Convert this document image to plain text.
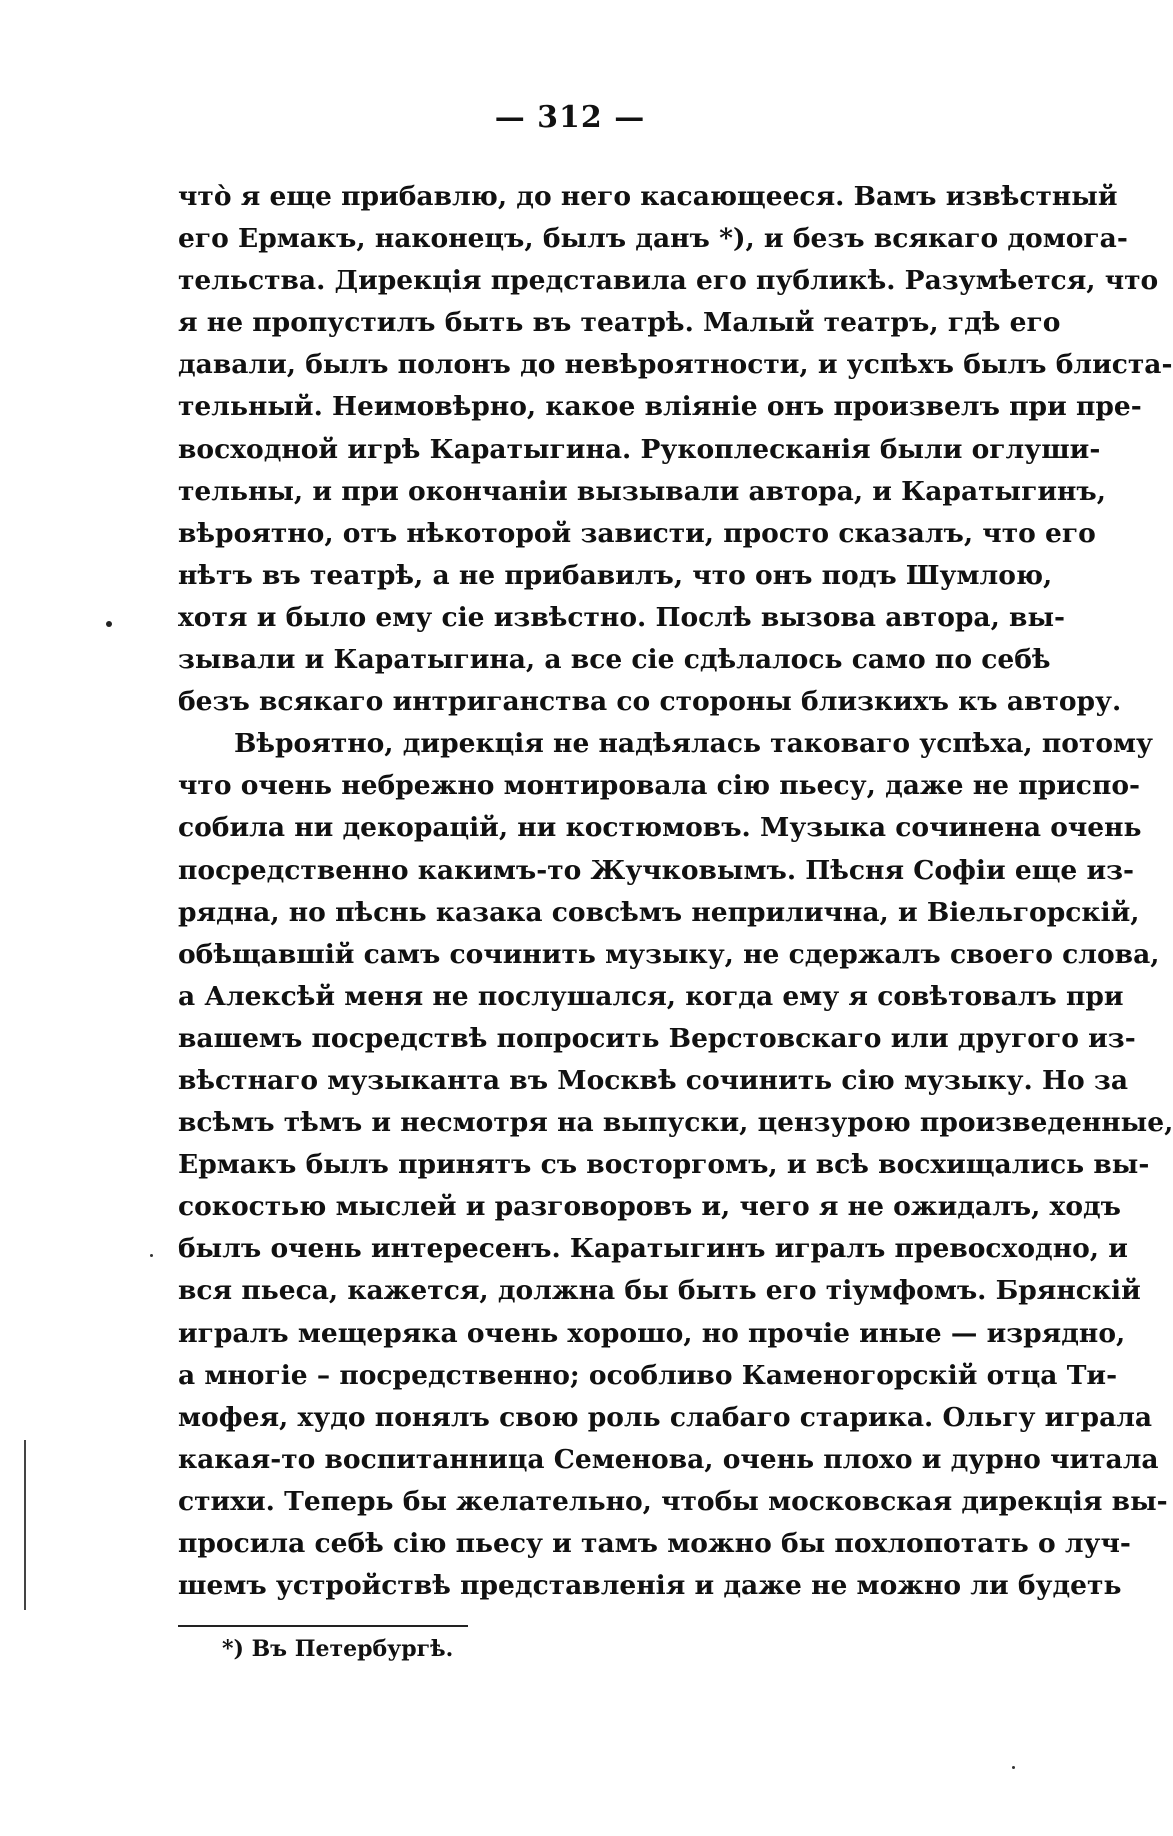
— 312 —
чтò я еще прибавлю, до него касающееся. Вамъ извѣстный
его Ермакъ, наконецъ, былъ данъ *), и безъ всякаго домога-
тельства. Дирекція представила его публикѣ. Разумѣется, что
я не пропустилъ быть въ театрѣ. Малый театръ, гдѣ его
давали, былъ полонъ до невѣроятности, и успѣхъ былъ блиста-
тельный. Неимовѣрно, какое вліяніе онъ произвелъ при пре-
восходной игрѣ Каратыгина. Рукоплесканія были оглуши-
тельны, и при окончаніи вызывали автора, и Каратыгинъ,
вѣроятно, отъ нѣкоторой зависти, просто сказалъ, что его
нѣтъ въ театрѣ, а не прибавилъ, что онъ подъ Шумлою,
хотя и было ему сіе извѣстно. Послѣ вызова автора, вы-
зывали и Каратыгина, а все сіе сдѣлалось само по себѣ
безъ всякаго интриганства со стороны близкихъ къ автору.
Вѣроятно, дирекція не надѣялась таковаго успѣха, потому
что очень небрежно монтировала сію пьесу, даже не приспо-
собила ни декорацій, ни костюмовъ. Музыка сочинена очень
посредственно какимъ-то Жучковымъ. Пѣсня Софіи еще из-
рядна, но пѣснь казака совсѣмъ неприлична, и Віельгорскій,
обѣщавшій самъ сочинить музыку, не сдержалъ своего слова,
а Алексѣй меня не послушался, когда ему я совѣтовалъ при
вашемъ посредствѣ попросить Верстовскаго или другого из-
вѣстнаго музыканта въ Москвѣ сочинить сію музыку. Но за
всѣмъ тѣмъ и несмотря на выпуски, цензурою произведенные,
Ермакъ былъ принятъ съ восторгомъ, и всѣ восхищались вы-
сокостью мыслей и разговоровъ и, чего я не ожидалъ, ходъ
былъ очень интересенъ. Каратыгинъ игралъ превосходно, и
вся пьеса, кажется, должна бы быть его тіумфомъ. Брянскій
игралъ мещеряка очень хорошо, но прочіе иные — изрядно,
а многіе – посредственно; особливо Каменогорскій отца Ти-
мофея, худо понялъ свою роль слабаго старика. Ольгу играла
какая-то воспитанница Семенова, очень плохо и дурно читала
стихи. Теперь бы желательно, чтобы московская дирекція вы-
просила себѣ сію пьесу и тамъ можно бы похлопотать о луч-
шемъ устройствѣ представленія и даже не можно ли будеть
*) Въ Петербургѣ.
